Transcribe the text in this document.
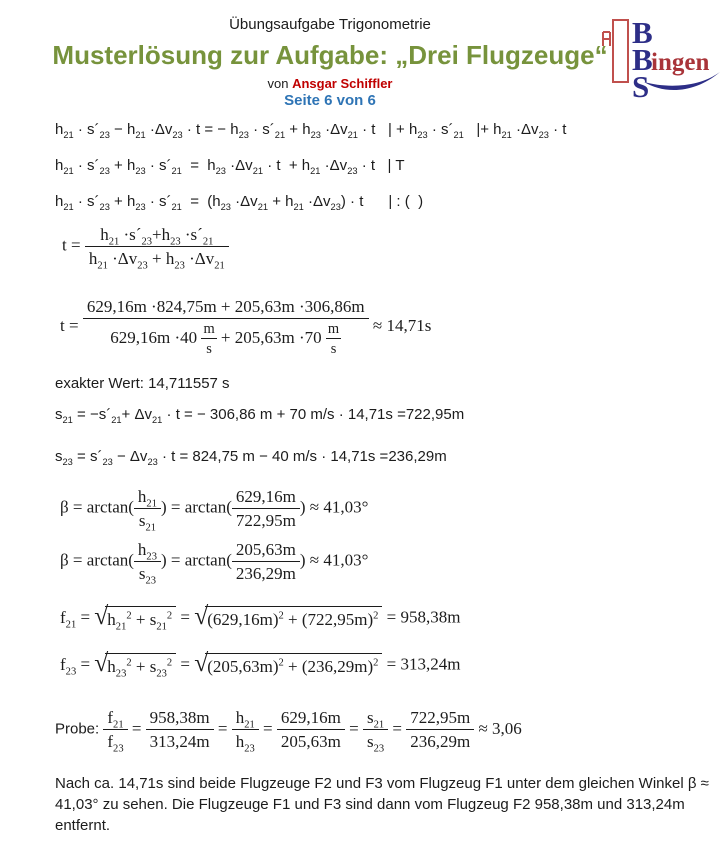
Übungsaufgabe Trigonometrie
Musterlösung zur Aufgabe: „Drei Flugzeuge“
von Ansgar Schiffler
Seite 6 von 6
B
B
S
ingen
$h_{21}$ · $s´_{23} - h_{21} \cdot\Delta v_{23} \cdot t$ = − $h_{23}$ · $s´_{21} + h_{23} \cdot\Delta v_{21} \cdot t$   | + $h_{23}$ · $s´_{21}$   |+ $h_{21} \cdot\Delta v_{23} \cdot t$
$h_{21}$ · $s´_{23} + h_{23}$ · $s´_{21} = h_{23} \cdot\Delta v_{21} \cdot t + h_{21} \cdot\Delta v_{23} \cdot t$   | T
$h_{21}$ · $s´_{23} + h_{23}$ · $s´_{21} = (h_{23} \cdot\Delta v_{21} + h_{21} \cdot\Delta v_{23}) \cdot t$      | : (  )
$t = \frac{h_{21} \cdot s´_{23}+h_{23} \cdot s´_{21}}{h_{21} \cdot\Delta v_{23} + h_{23} \cdot\Delta v_{21}}$
$t = \frac{629,16m \cdot 824,75m + 205,63m \cdot 306,86m}{629,16m \cdot 40 \frac{m}{s} + 205,63m \cdot 70 \frac{m}{s}} \approx 14,71s$
exakter Wert: 14,711557 s
$s_{21}$ = $-s´_{21}+ \Delta v_{21} \cdot t$ = − 306,86 m + 70 m/s · 14,71s =722,95m
$s_{23}$ = $s´_{23} - \Delta v_{23} \cdot t = 824,75$ m − 40 m/s · 14,71s =236,29m
$\beta = \arctan( \frac{h_{21}}{s_{21}}$ ) = $\arctan( \frac{629,16m}{722,95m}$ ) ≈ 41,03°
$\beta = \arctan( \frac{h_{23}}{s_{23}}$ ) = $\arctan( \frac{205,63m}{236,29m}$ ) ≈ 41,03°
$f_{21}$ = √ $h_{21}^2 + s_{21}^2$ = √ $(629,16m)^2 + (722,95m)^2 = 958,38m$
$f_{23}$ = √ $h_{23}^2 + s_{23}^2$ = √ $(205,63m)^2 + (236,29m)^2 = 313,24m$
Probe: $\frac{f_{21}}{f_{23}} = \frac{958,38m}{313,24m} = \frac{h_{21}}{h_{23}} = \frac{629,16m}{205,63m} = \frac{s_{21}}{s_{23}} = \frac{722,95m}{236,29m} \approx 3,06$

Nach ca. 14,71s sind beide Flugzeuge F2 und F3 vom Flugzeug F1 unter dem gleichen Winkel β ≈ 41,03° zu sehen. Die Flugzeuge F1 und F3 sind dann vom Flugzeug F2 958,38m und 313,24m entfernt.
